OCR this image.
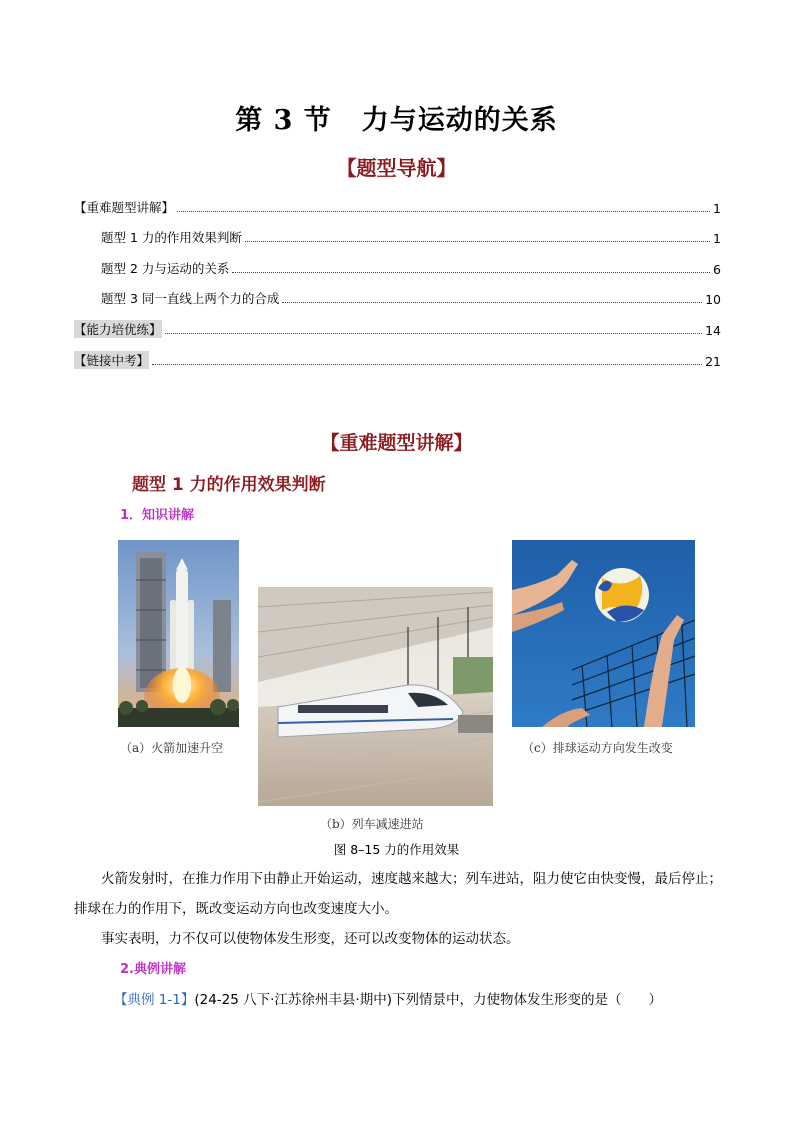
第 3 节 力与运动的关系
【题型导航】
【重难题型讲解】	1
题型 1 力的作用效果判断	1
题型 2 力与运动的关系	6
题型 3 同一直线上两个力的合成	10
【能力培优练】	14
【链接中考】	21
【重难题型讲解】
题型 1 力的作用效果判断
1．知识讲解
（a）火箭加速升空
（b）列车减速进站
（c）排球运动方向发生改变
图 8–15 力的作用效果

火箭发射时，在推力作用下由静止开始运动，速度越来越大；列车进站，阻力使它由快变慢，最后停止；排球在力的作用下，既改变运动方向也改变速度大小。

事实表明，力不仅可以使物体发生形变，还可以改变物体的运动状态。

2.典例讲解
【典例 1-1】(24-25 八下·江苏徐州丰县·期中)下列情景中，力使物体发生形变的是（　　）
